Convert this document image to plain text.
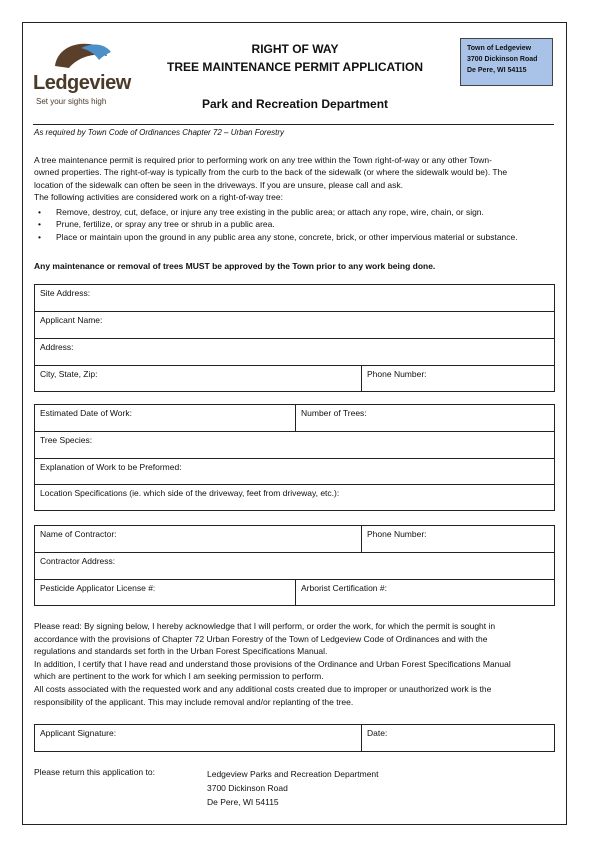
Ledgeview
Set your sights high
RIGHT OF WAY
TREE MAINTENANCE PERMIT APPLICATION
Park and Recreation Department
Town of Ledgeview
3700 Dickinson Road
De Pere, WI 54115
As required by Town Code of Ordinances Chapter 72 – Urban Forestry
A tree maintenance permit is required prior to performing work on any tree within the Town right-of-way or any other Town-
owned properties. The right-of-way is typically from the curb to the back of the sidewalk (or where the sidewalk would be). The
location of the sidewalk can often be seen in the driveways. If you are unsure, please call and ask.
The following activities are considered work on a right-of-way tree:
• Remove, destroy, cut, deface, or injure any tree existing in the public area; or attach any rope, wire, chain, or sign.
• Prune, fertilize, or spray any tree or shrub in a public area.
• Place or maintain upon the ground in any public area any stone, concrete, brick, or other impervious material or substance.
Any maintenance or removal of trees MUST be approved by the Town prior to any work being done.
Site Address:
Applicant Name:
Address:
City, State, Zip:	Phone Number:
Estimated Date of Work:	Number of Trees:
Tree Species:
Explanation of Work to be Preformed:
Location Specifications (ie. which side of the driveway, feet from driveway, etc.):
Name of Contractor:	Phone Number:
Contractor Address:
Pesticide Applicator License #:	Arborist Certification #:
Please read: By signing below, I hereby acknowledge that I will perform, or order the work, for which the permit is sought in
accordance with the provisions of Chapter 72 Urban Forestry of the Town of Ledgeview Code of Ordinances and with the
regulations and standards set forth in the Urban Forest Specifications Manual.
In addition, I certify that I have read and understand those provisions of the Ordinance and Urban Forest Specifications Manual
which are pertinent to the work for which I am seeking permission to perform.
All costs associated with the requested work and any additional costs created due to improper or unauthorized work is the
responsibility of the applicant. This may include removal and/or replanting of the tree.
Applicant Signature:	Date:
Please return this application to:	Ledgeview Parks and Recreation Department
3700 Dickinson Road
De Pere, WI 54115
